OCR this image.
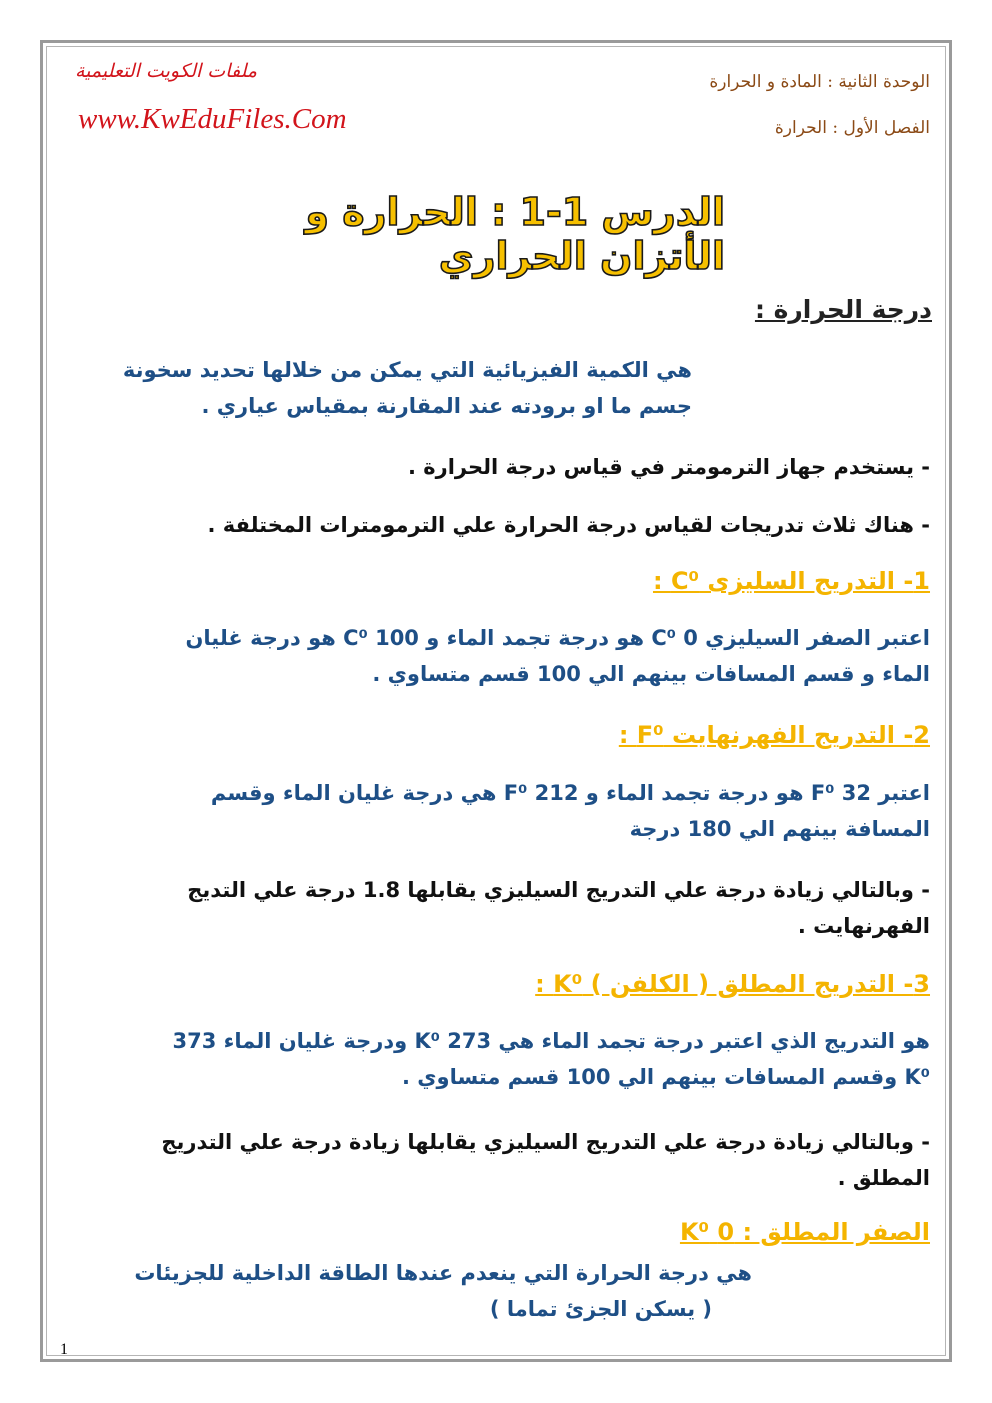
ملفات الكويت التعليمية
www.KwEduFiles.Com
الوحدة الثانية : المادة و الحرارة
الفصل الأول : الحرارة
الدرس 1-1 : الحرارة و الأتزان الحراري
درجة الحرارة :
هي الكمية الفيزيائية التي يمكن من خلالها تحديد سخونة
جسم ما او برودته عند المقارنة بمقياس عياري .
- يستخدم جهاز الترمومتر في قياس درجة الحرارة .
- هناك ثلاث تدريجات لقياس درجة الحرارة علي الترمومترات المختلفة .
1- التدريج السليزى C⁰ :
اعتبر الصفر السيليزي 0 C⁰ هو درجة تجمد الماء و 100 C⁰ هو درجة غليان
الماء و قسم المسافات بينهم الي 100 قسم متساوي .
2- التدريج الفهرنهايت F⁰ :
اعتبر 32 F⁰ هو درجة تجمد الماء و 212 F⁰ هي درجة غليان الماء وقسم
المسافة بينهم الي 180 درجة
- وبالتالي زيادة درجة علي التدريج السيليزي يقابلها 1.8 درجة علي التديج
الفهرنهايت .
3- التدريج المطلق ( الكلفن ) K⁰ :
هو التدريج الذي اعتبر درجة تجمد الماء هي 273 K⁰ ودرجة غليان الماء 373
K⁰ وقسم المسافات بينهم الي 100 قسم متساوي .
- وبالتالي زيادة درجة علي التدريج السيليزي يقابلها زيادة درجة علي التدريج
المطلق .
الصفر المطلق : 0 K⁰
هي درجة الحرارة التي ينعدم عندها الطاقة الداخلية للجزيئات
( يسكن الجزئ تماما )
1
